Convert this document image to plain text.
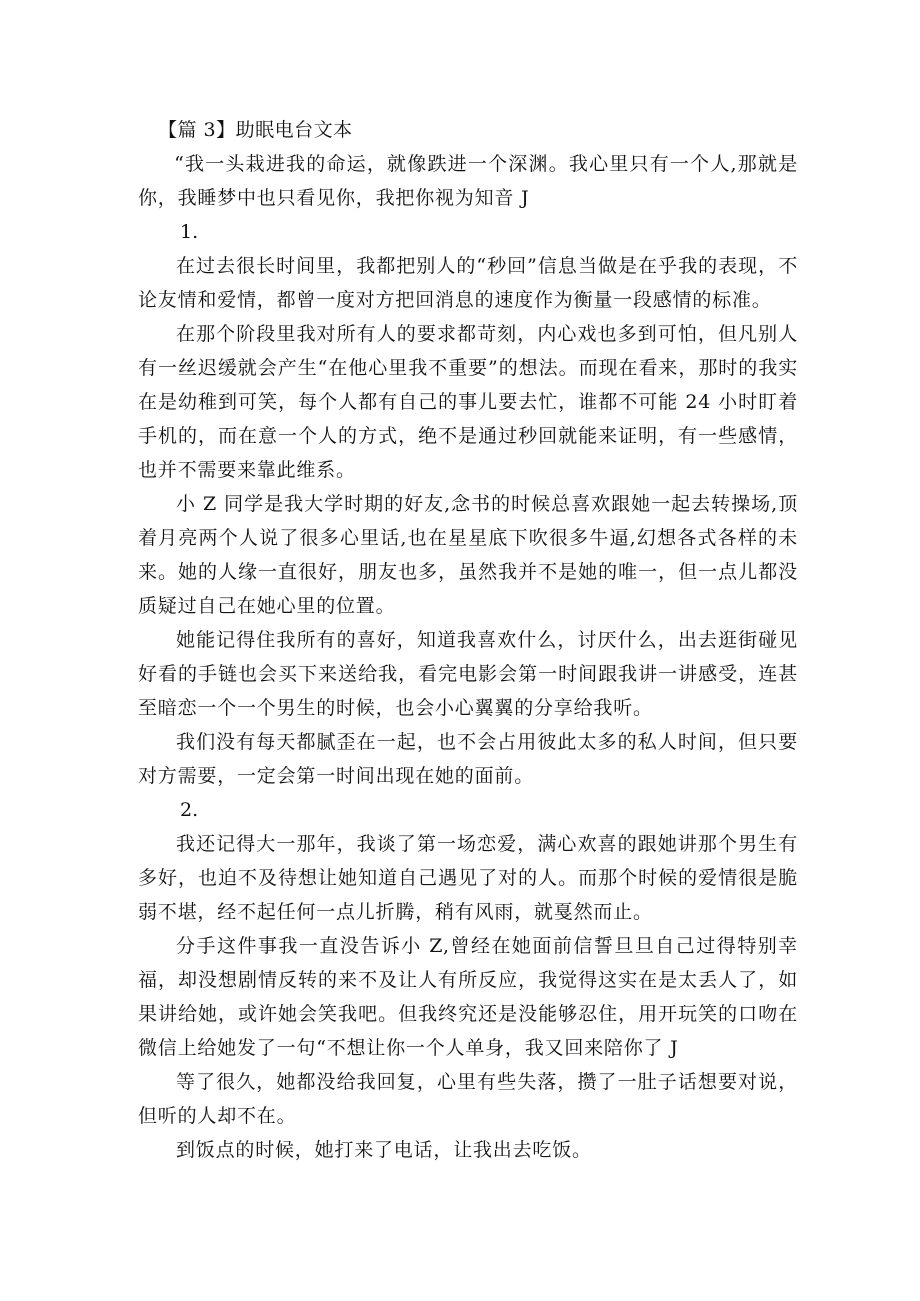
【篇 3】助眠电台文本

“我一头栽进我的命运，就像跌进一个深渊。我心里只有一个人,那就是你，我睡梦中也只看见你，我把你视为知音 J

1.

在过去很长时间里，我都把别人的“秒回”信息当做是在乎我的表现，不论友情和爱情，都曾一度对方把回消息的速度作为衡量一段感情的标准。

在那个阶段里我对所有人的要求都苛刻，内心戏也多到可怕，但凡别人有一丝迟缓就会产生“在他心里我不重要”的想法。而现在看来，那时的我实在是幼稚到可笑，每个人都有自己的事儿要去忙，谁都不可能 24 小时盯着手机的，而在意一个人的方式，绝不是通过秒回就能来证明，有一些感情，也并不需要来靠此维系。

小 Z 同学是我大学时期的好友,念书的时候总喜欢跟她一起去转操场,顶着月亮两个人说了很多心里话,也在星星底下吹很多牛逼,幻想各式各样的未来。她的人缘一直很好，朋友也多，虽然我并不是她的唯一，但一点儿都没质疑过自己在她心里的位置。

她能记得住我所有的喜好，知道我喜欢什么，讨厌什么，出去逛街碰见好看的手链也会买下来送给我，看完电影会第一时间跟我讲一讲感受，连甚至暗恋一个一个男生的时候，也会小心翼翼的分享给我听。

我们没有每天都腻歪在一起，也不会占用彼此太多的私人时间，但只要对方需要，一定会第一时间出现在她的面前。

2.

我还记得大一那年，我谈了第一场恋爱，满心欢喜的跟她讲那个男生有多好，也迫不及待想让她知道自己遇见了对的人。而那个时候的爱情很是脆弱不堪，经不起任何一点儿折腾，稍有风雨，就戛然而止。

分手这件事我一直没告诉小 Z,曾经在她面前信誓旦旦自己过得特别幸福，却没想剧情反转的来不及让人有所反应，我觉得这实在是太丢人了，如果讲给她，或许她会笑我吧。但我终究还是没能够忍住，用开玩笑的口吻在微信上给她发了一句“不想让你一个人单身，我又回来陪你了 J

等了很久，她都没给我回复，心里有些失落，攒了一肚子话想要对说，但听的人却不在。

到饭点的时候，她打来了电话，让我出去吃饭。
